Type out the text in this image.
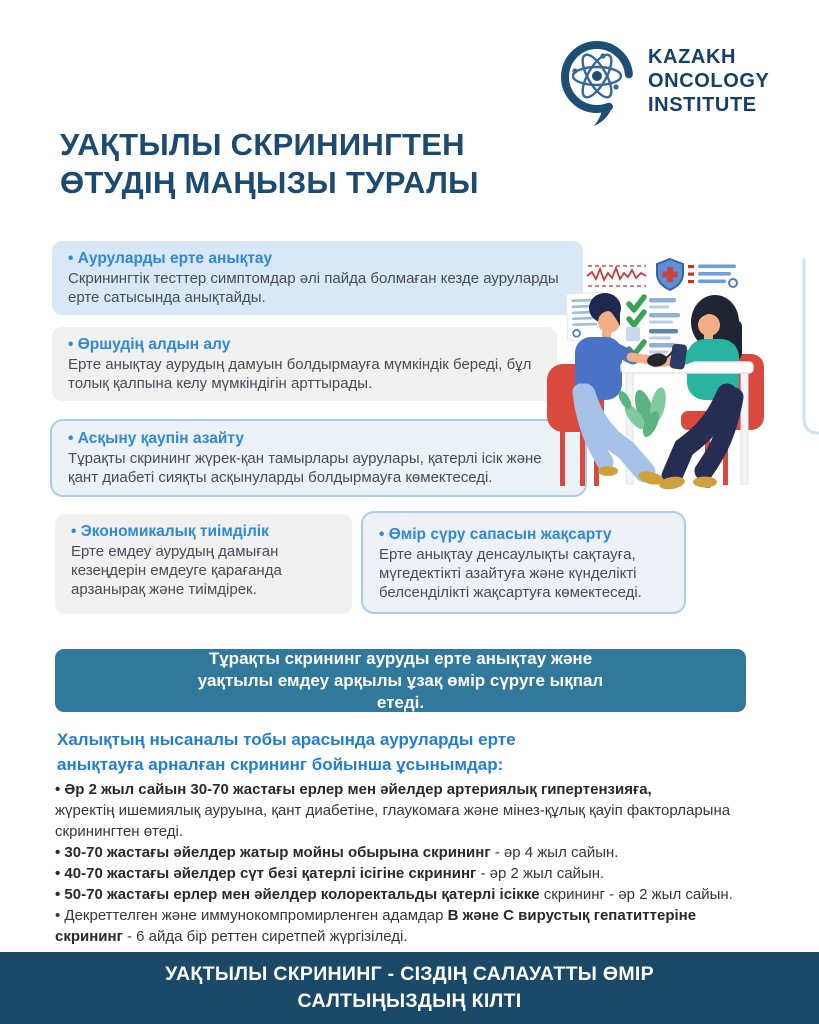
KAZAKH
ONCOLOGY
INSTITUTE
УАҚТЫЛЫ СКРИНИНГТЕН
ӨТУДІҢ МАҢЫЗЫ ТУРАЛЫ
• Ауруларды ерте анықтау
Скринингтік тесттер симптомдар әлі пайда болмаған кезде ауруларды ерте сатысында анықтайды.
• Өршудің алдын алу
Ерте анықтау аурудың дамуын болдырмауға мүмкіндік береді, бұл толық қалпына келу мүмкіндігін арттырады.
• Асқыну қаупін азайту
Тұрақты скрининг жүрек-қан тамырлары аурулары, қатерлі ісік және қант диабеті сияқты асқынуларды болдырмауға көмектеседі.
• Экономикалық тиімділік
Ерте емдеу аурудың дамыған кезеңдерін емдеуге қарағанда арзанырақ және тиімдірек.
• Өмір сүру сапасын жақсарту
Ерте анықтау денсаулықты сақтауға, мүгедектікті азайтуға және күнделікті белсенділікті жақсартуға көмектеседі.
Тұрақты скрининг ауруды ерте анықтау және уақтылы емдеу арқылы ұзақ өмір сүруге ықпал етеді.
Халықтың нысаналы тобы арасында ауруларды ерте анықтауға арналған скрининг бойынша ұсынымдар:
• Әр 2 жыл сайын 30-70 жастағы ерлер мен әйелдер артериялық гипертензияға,
жүректің ишемиялық ауруына, қант диабетіне, глаукомаға және мінез-құлық қауіп факторларына скринингтен өтеді.
• 30-70 жастағы әйелдер жатыр мойны обырына скрининг - әр 4 жыл сайын.
• 40-70 жастағы әйелдер сүт безі қатерлі ісігіне скрининг - әр 2 жыл сайын.
• 50-70 жастағы ерлер мен әйелдер колоректальды қатерлі ісікке скрининг - әр 2 жыл сайын.
• Декреттелген және иммунокомпромирленген адамдар В және С вирустық гепатиттеріне скрининг - 6 айда бір реттен сиретпей жүргізіледі.
УАҚТЫЛЫ СКРИНИНГ - СІЗДІҢ САЛАУАТТЫ ӨМІР САЛТЫҢЫЗДЫҢ КІЛТІ
